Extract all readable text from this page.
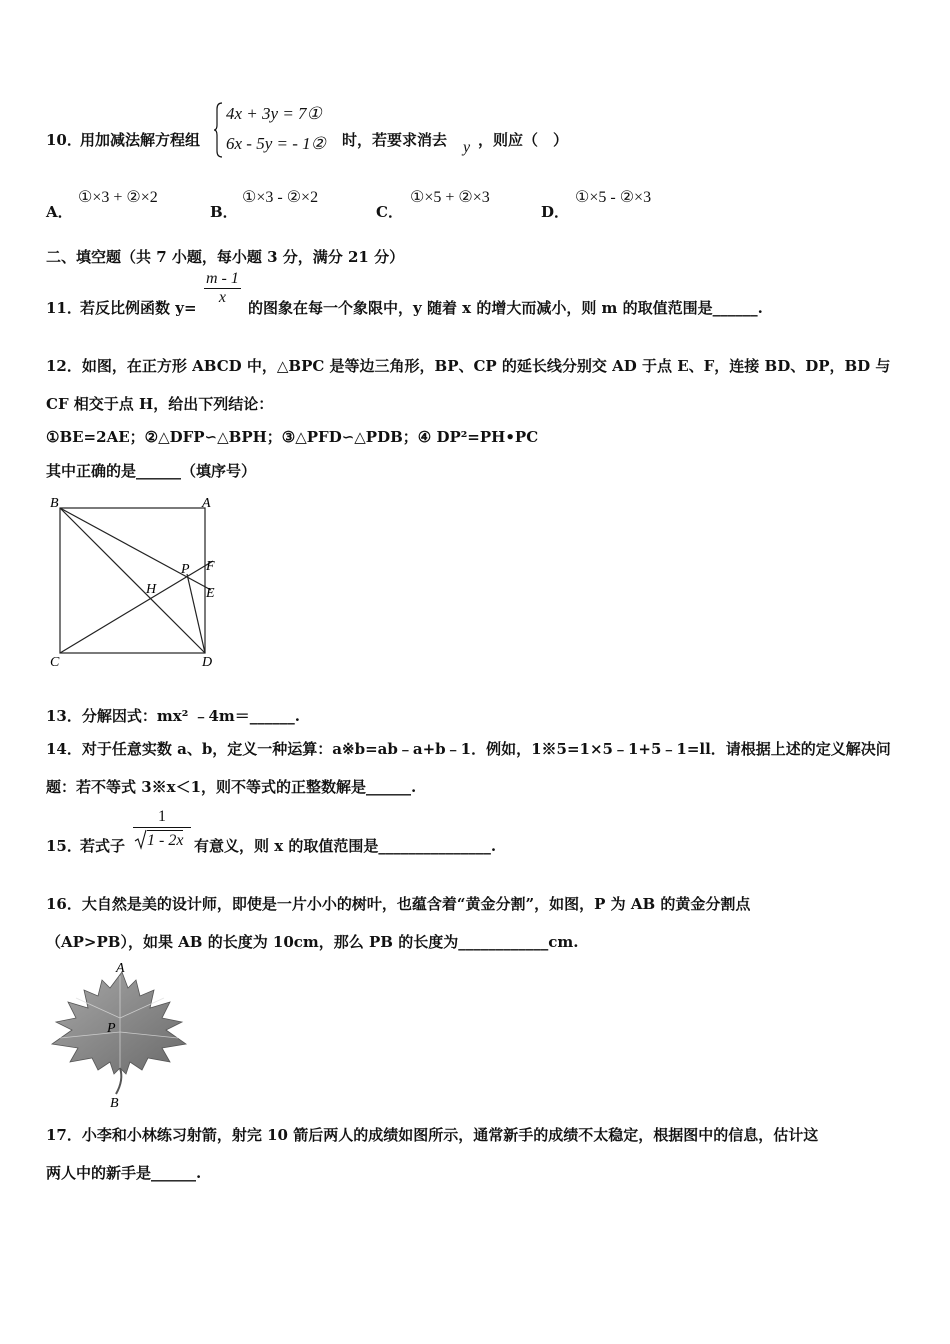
10．
用加减法解方程组
4x + 3y = 7①
6x - 5y = - 1② 时，若要求消去 y ，则应（　）
A．
①×3 + ②×2
B．
①×3 - ②×2
C．
①×5 + ②×3
D．
①×5 - ②×3
二、填空题（共 7 小题，每小题 3 分，满分 21 分）
11．
若反比例函数 y=
$\frac{m - 1}{x}$
的图象在每一个象限中，y 随着 x 的增大而减小，则 m 的取值范围是______.
12．如图，在正方形 ABCD 中，△BPC 是等边三角形，BP、CP 的延长线分别交 AD 于点 E、F，连接 BD、DP，BD 与
CF 相交于点 H，给出下列结论：
①BE=2AE；②△DFP∽△BPH；③△PFD∽△PDB；④ DP²=PH•PC
其中正确的是______（填序号）
B	A
C	D
P F
E
H
13．分解因式：mx² ﹣4m＝______.
14．对于任意实数 a、b，定义一种运算：a※b=ab﹣a+b﹣1．例如，1※5=1×5﹣1+5﹣1=ll．请根据上述的定义解决问
题：若不等式 3※x＜1，则不等式的正整数解是______.
15．
若式子
1
1 - 2x 有意义，则 x 的取值范围是_______________.
16．大自然是美的设计师，即使是一片小小的树叶，也蕴含着“黄金分割”，如图，P 为 AB 的黄金分割点
（AP>PB），如果 AB 的长度为 10cm，那么 PB 的长度为____________cm.
A
P
B
17．小李和小林练习射箭，射完 10 箭后两人的成绩如图所示，通常新手的成绩不太稳定，根据图中的信息，估计这
两人中的新手是______.
